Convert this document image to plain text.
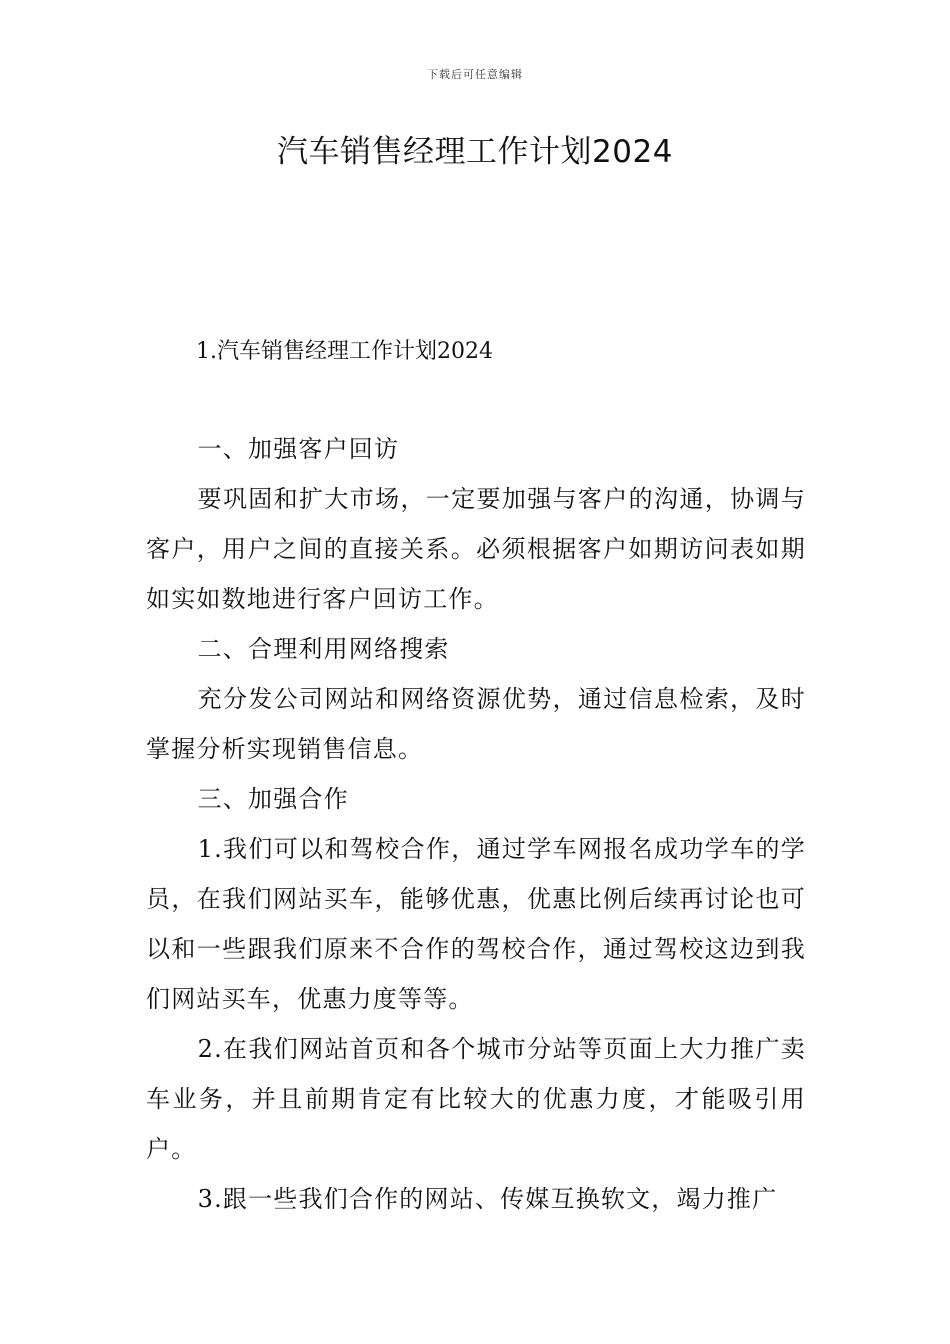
下载后可任意编辑
汽车销售经理工作计划2024

1.汽车销售经理工作计划2024

一、加强客户回访

要巩固和扩大市场，一定要加强与客户的沟通，协调与客户，用户之间的直接关系。必须根据客户如期访问表如期如实如数地进行客户回访工作。

二、合理利用网络搜索

充分发公司网站和网络资源优势，通过信息检索，及时掌握分析实现销售信息。

三、加强合作

1.我们可以和驾校合作，通过学车网报名成功学车的学员，在我们网站买车，能够优惠，优惠比例后续再讨论也可以和一些跟我们原来不合作的驾校合作，通过驾校这边到我们网站买车，优惠力度等等。

2.在我们网站首页和各个城市分站等页面上大力推广卖车业务，并且前期肯定有比较大的优惠力度，才能吸引用户。

3.跟一些我们合作的网站、传媒互换软文，竭力推广
